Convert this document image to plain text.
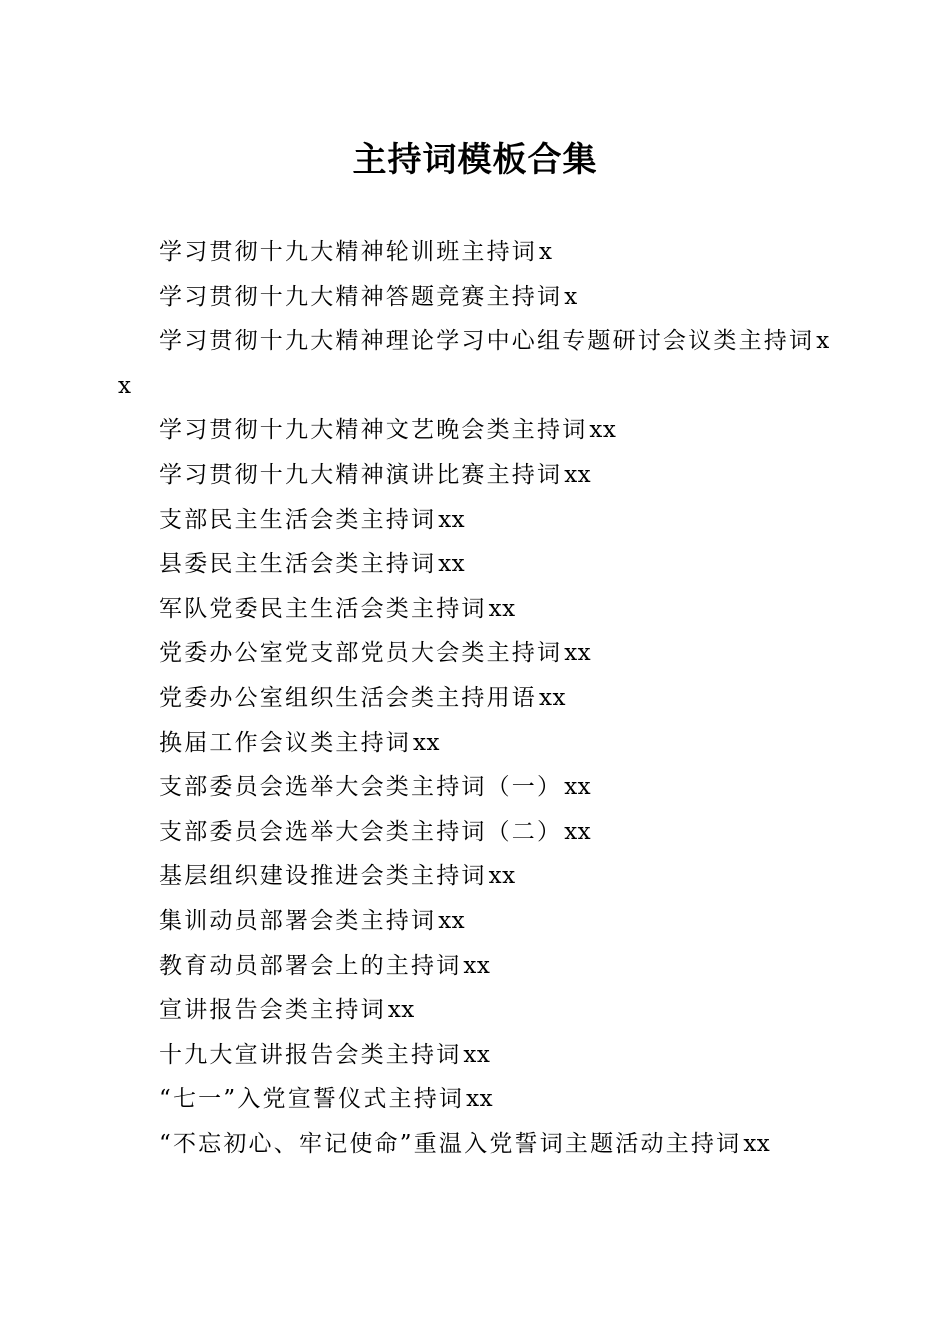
主持词模板合集
学习贯彻十九大精神轮训班主持词x
学习贯彻十九大精神答题竞赛主持词x
学习贯彻十九大精神理论学习中心组专题研讨会议类主持词xx
学习贯彻十九大精神文艺晚会类主持词xx
学习贯彻十九大精神演讲比赛主持词xx
支部民主生活会类主持词xx
县委民主生活会类主持词xx
军队党委民主生活会类主持词xx
党委办公室党支部党员大会类主持词xx
党委办公室组织生活会类主持用语xx
换届工作会议类主持词xx
支部委员会选举大会类主持词（一）xx
支部委员会选举大会类主持词（二）xx
基层组织建设推进会类主持词xx
集训动员部署会类主持词xx
教育动员部署会上的主持词xx
宣讲报告会类主持词xx
十九大宣讲报告会类主持词xx
“七一”入党宣誓仪式主持词xx
“不忘初心、牢记使命”重温入党誓词主题活动主持词xx
